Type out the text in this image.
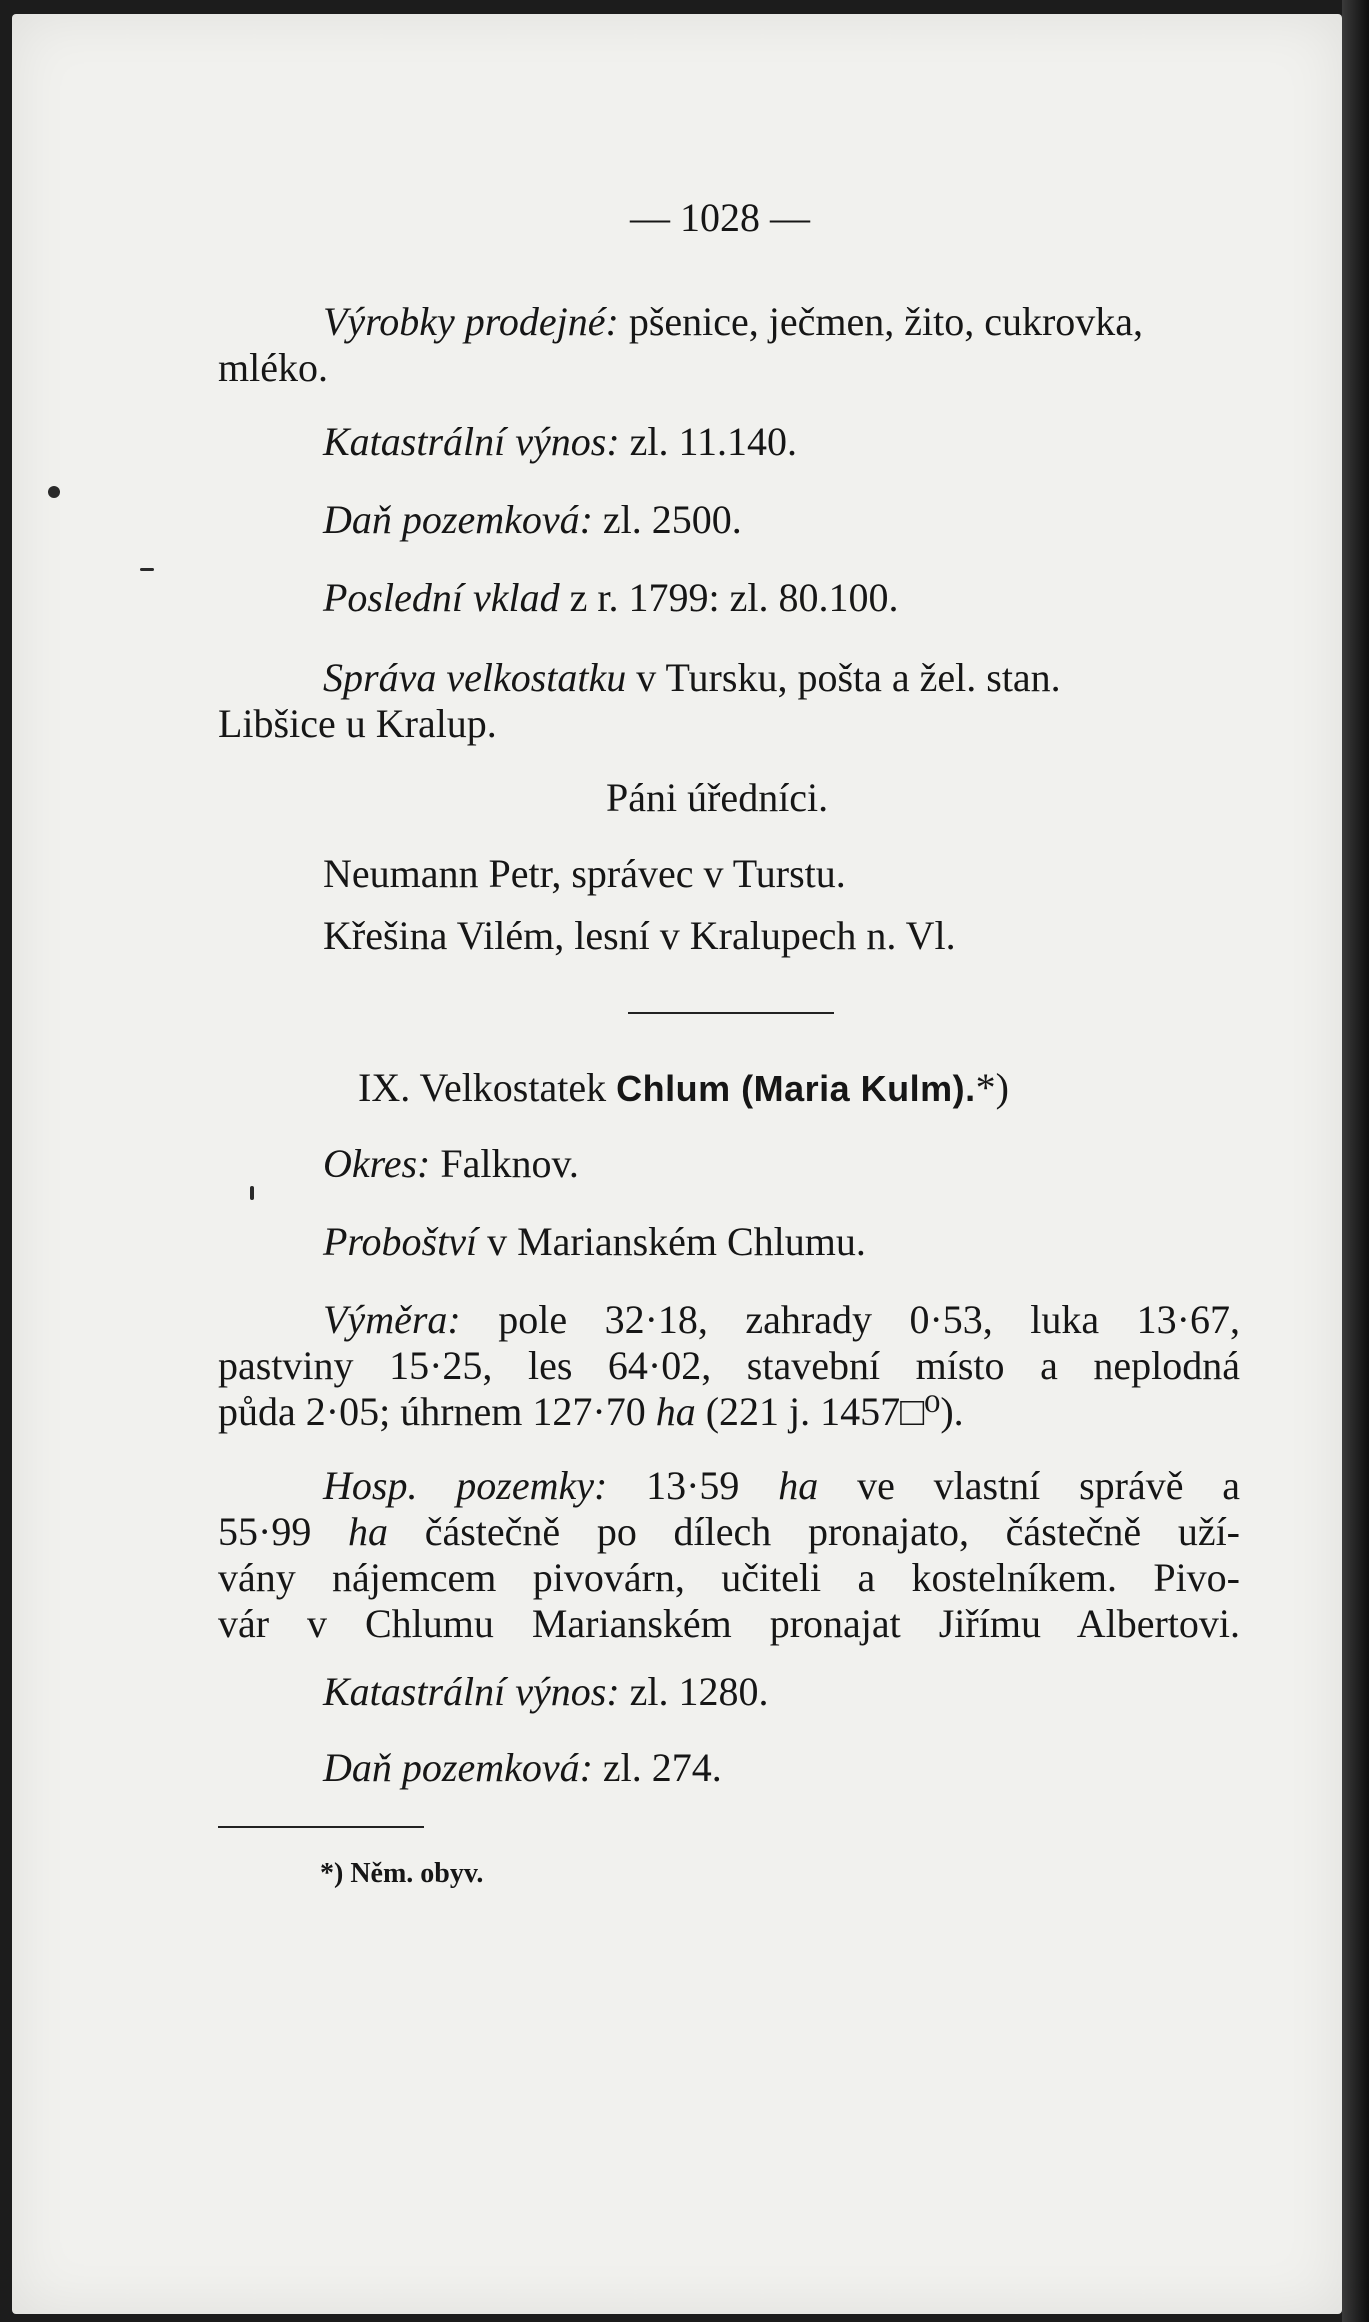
— 1028 —
Výrobky prodejné: pšenice, ječmen, žito, cukrovka,
mléko.
Katastrální výnos: zl. 11.140.
Daň pozemková: zl. 2500.
Poslední vklad z r. 1799: zl. 80.100.
Správa velkostatku v Tursku, pošta a žel. stan.
Libšice u Kralup.
Páni úředníci.
Neumann Petr, správec v Turstu.
Křešina Vilém, lesní v Kralupech n. Vl.
IX. Velkostatek Chlum (Maria Kulm).*)
Okres: Falknov.
Proboštví v Marianském Chlumu.
Výměra: pole 32·18, zahrady 0·53, luka 13·67,
pastviny 15·25, les 64·02, stavební místo a neplodná
půda 2·05; úhrnem 127·70 ha (221 j. 1457□⁰).
Hosp. pozemky: 13·59 ha ve vlastní správě a
55·99 ha částečně po dílech pronajato, částečně uží-
vány nájemcem pivovárn, učiteli a kostelníkem. Pivo-
vár v Chlumu Marianském pronajat Jiřímu Albertovi.
Katastrální výnos: zl. 1280.
Daň pozemková: zl. 274.
*) Něm. obyv.
